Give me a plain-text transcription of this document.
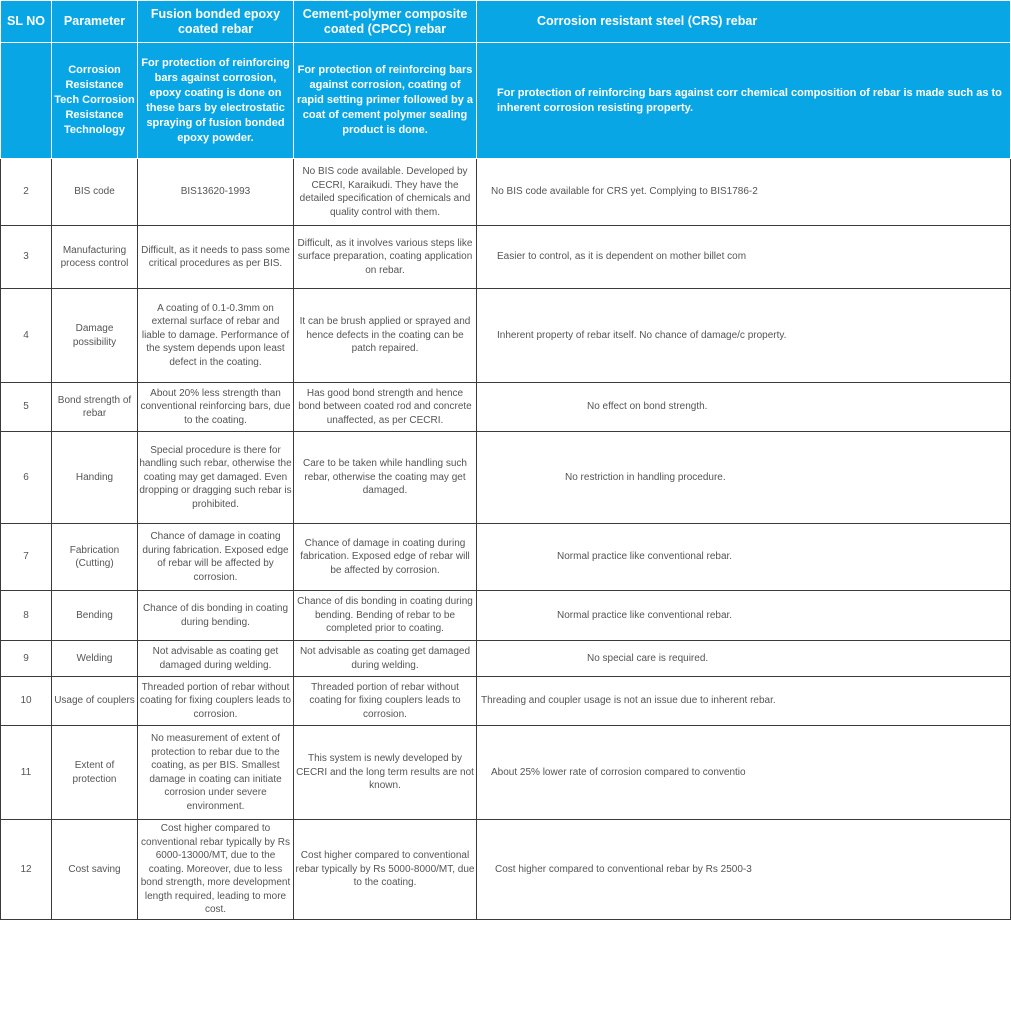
SL NO	Parameter	Fusion bonded epoxy coated rebar	Cement-polymer composite coated (CPCC) rebar	Corrosion resistant steel (CRS) rebar
	Corrosion Resistance Tech Corrosion Resistance Technology	For protection of reinforcing bars against corrosion, epoxy coating is done on these bars by electrostatic spraying of fusion bonded epoxy powder.	For protection of reinforcing bars against corrosion, coating of rapid setting primer followed by a coat of cement polymer sealing product is done.	For protection of reinforcing bars against corr chemical composition of rebar is made such as to inherent corrosion resisting property.
2	BIS code	BIS13620-1993	No BIS code available. Developed by CECRI, Karaikudi. They have the detailed specification of chemicals and quality control with them.	No BIS code available for CRS yet. Complying to BIS1786-2
3	Manufacturing process control	Difficult, as it needs to pass some critical procedures as per BIS.	Difficult, as it involves various steps like surface preparation, coating application on rebar.	Easier to control, as it is dependent on mother billet com
4	Damage possibility	A coating of 0.1-0.3mm on external surface of rebar and liable to damage. Performance of the system depends upon least defect in the coating.	It can be brush applied or sprayed and hence defects in the coating can be patch repaired.	Inherent property of rebar itself. No chance of damage/c property.
5	Bond strength of rebar	About 20% less strength than conventional reinforcing bars, due to the coating.	Has good bond strength and hence bond between coated rod and concrete unaffected, as per CECRI.	No effect on bond strength.
6	Handing	Special procedure is there for handling such rebar, otherwise the coating may get damaged. Even dropping or dragging such rebar is prohibited.	Care to be taken while handling such rebar, otherwise the coating may get damaged.	No restriction in handling procedure.
7	Fabrication (Cutting)	Chance of damage in coating during fabrication. Exposed edge of rebar will be affected by corrosion.	Chance of damage in coating during fabrication. Exposed edge of rebar will be affected by corrosion.	Normal practice like conventional rebar.
8	Bending	Chance of dis bonding in coating during bending.	Chance of dis bonding in coating during bending. Bending of rebar to be completed prior to coating.	Normal practice like conventional rebar.
9	Welding	Not advisable as coating get damaged during welding.	Not advisable as coating get damaged during welding.	No special care is required.
10	Usage of couplers	Threaded portion of rebar without coating for fixing couplers leads to corrosion.	Threaded portion of rebar without coating for fixing couplers leads to corrosion.	Threading and coupler usage is not an issue due to inherent rebar.
11	Extent of protection	No measurement of extent of protection to rebar due to the coating, as per BIS. Smallest damage in coating can initiate corrosion under severe environment.	This system is newly developed by CECRI and the long term results are not known.	About 25% lower rate of corrosion compared to conventio
12	Cost saving	Cost higher compared to conventional rebar typically by Rs 6000-13000/MT, due to the coating. Moreover, due to less bond strength, more development length required, leading to more cost.	Cost higher compared to conventional rebar typically by Rs 5000-8000/MT, due to the coating.	Cost higher compared to conventional rebar by Rs 2500-3
